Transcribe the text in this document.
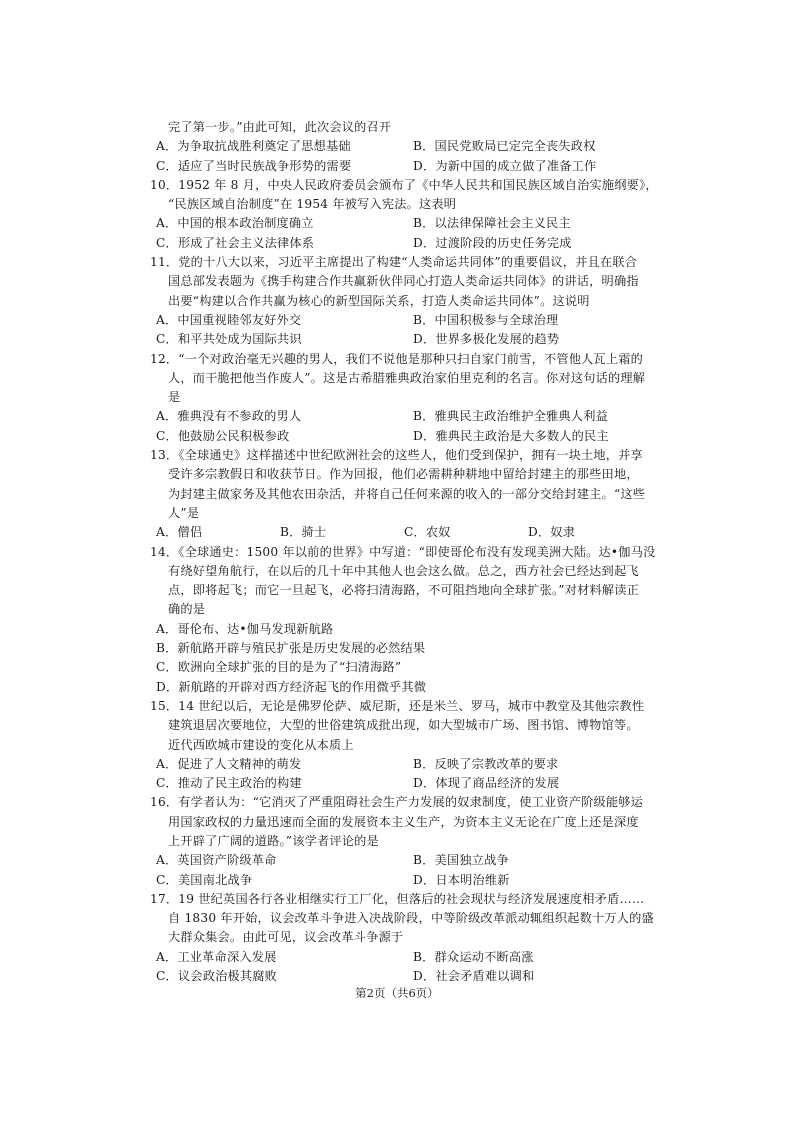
完了第一步。”由此可知，此次会议的召开
A．为争取抗战胜利奠定了思想基础	B．国民党败局已定完全丧失政权
C．适应了当时民族战争形势的需要	D．为新中国的成立做了准备工作
10．1952 年 8 月，中央人民政府委员会颁布了《中华人民共和国民族区域自治实施纲要》，
“民族区域自治制度”在 1954 年被写入宪法。这表明
A．中国的根本政治制度确立	B．以法律保障社会主义民主
C．形成了社会主义法律体系	D．过渡阶段的历史任务完成
11．党的十八大以来，习近平主席提出了构建“人类命运共同体”的重要倡议，并且在联合
国总部发表题为《携手构建合作共赢新伙伴同心打造人类命运共同体》的讲话，明确指
出要“构建以合作共赢为核心的新型国际关系，打造人类命运共同体”。这说明
A．中国重视睦邻友好外交	B．中国积极参与全球治理
C．和平共处成为国际共识	D．世界多极化发展的趋势
12．“一个对政治毫无兴趣的男人，我们不说他是那种只扫自家门前雪，不管他人瓦上霜的
人，而干脆把他当作废人”。这是古希腊雅典政治家伯里克利的名言。你对这句话的理解
是
A．雅典没有不参政的男人	B．雅典民主政治维护全雅典人利益
C．他鼓励公民积极参政	D．雅典民主政治是大多数人的民主
13．《全球通史》这样描述中世纪欧洲社会的这些人，他们受到保护，拥有一块土地，并享
受许多宗教假日和收获节日。作为回报，他们必需耕种耕地中留给封建主的那些田地，
为封建主做家务及其他农田杂活，并将自己任何来源的收入的一部分交给封建主。“这些
人”是
A．僧侣	B．骑士	C．农奴	D．奴隶
14．《全球通史：1500 年以前的世界》中写道：“即使哥伦布没有发现美洲大陆。达•伽马没
有绕好望角航行，在以后的几十年中其他人也会这么做。总之，西方社会已经达到起飞
点，即将起飞；而它一旦起飞，必将扫清海路，不可阻挡地向全球扩张。”对材料解读正
确的是
A．哥伦布、达•伽马发现新航路
B．新航路开辟与殖民扩张是历史发展的必然结果
C．欧洲向全球扩张的目的是为了“扫清海路”
D．新航路的开辟对西方经济起飞的作用微乎其微
15．14 世纪以后，无论是佛罗伦萨、威尼斯，还是米兰、罗马，城市中教堂及其他宗教性
建筑退居次要地位，大型的世俗建筑成批出现，如大型城市广场、图书馆、博物馆等。
近代西欧城市建设的变化从本质上
A．促进了人文精神的萌发	B．反映了宗教改革的要求
C．推动了民主政治的构建	D．体现了商品经济的发展
16．有学者认为：“它消灭了严重阻碍社会生产力发展的奴隶制度，使工业资产阶级能够运
用国家政权的力量迅速而全面的发展资本主义生产，为资本主义无论在广度上还是深度
上开辟了广阔的道路。”该学者评论的是
A．英国资产阶级革命	B．美国独立战争
C．美国南北战争	D．日本明治维新
17．19 世纪英国各行各业相继实行工厂化，但落后的社会现状与经济发展速度相矛盾……
自 1830 年开始，议会改革斗争进入决战阶段，中等阶级改革派动辄组织起数十万人的盛
大群众集会。由此可见，议会改革斗争源于
A．工业革命深入发展	B．群众运动不断高涨
C．议会政治极其腐败	D．社会矛盾难以调和
第2页（共6页）
